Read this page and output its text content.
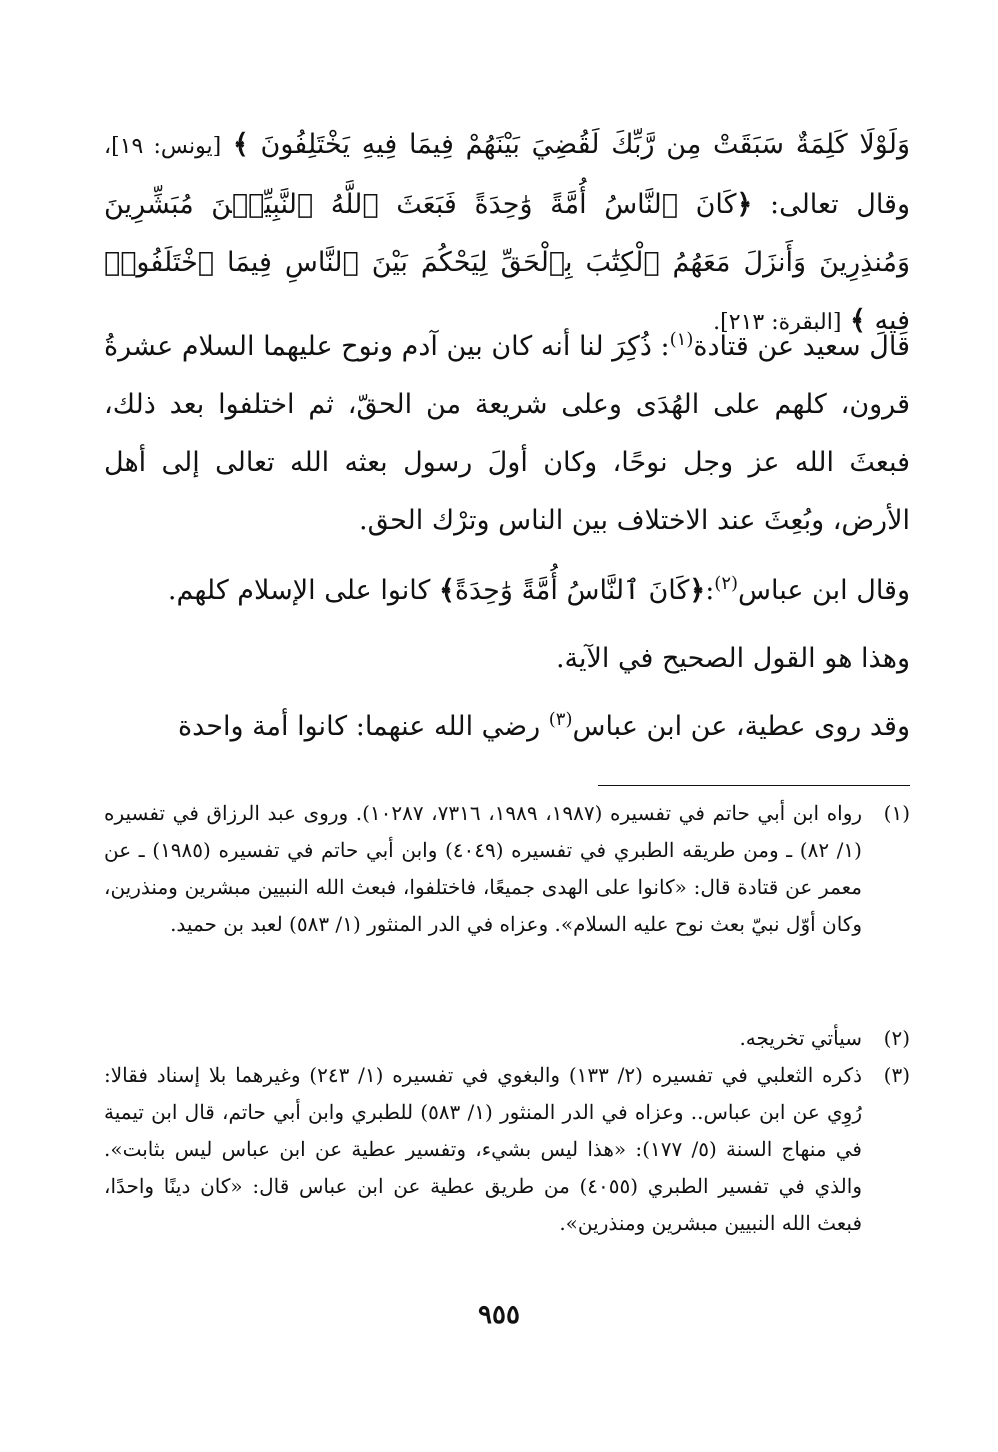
وَلَوْلَا كَلِمَةٌ سَبَقَتْ مِن رَّبِّكَ لَقُضِيَ بَيْنَهُمْ فِيمَا فِيهِ يَخْتَلِفُونَ ﴾ [يونس: ١٩]، وقال تعالى: ﴿كَانَ ٱلنَّاسُ أُمَّةً وَٰحِدَةً فَبَعَثَ ٱللَّهُ ٱلنَّبِيِّـۧنَ مُبَشِّرِينَ وَمُنذِرِينَ وَأَنزَلَ مَعَهُمُ ٱلْكِتَٰبَ بِٱلْحَقِّ لِيَحْكُمَ بَيْنَ ٱلنَّاسِ فِيمَا ٱخْتَلَفُوا۟ فِيهِ ﴾ [البقرة: ٢١٣].

قال سعيد عن قتادة$^{(١)}$: ذُكِرَ لنا أنه كان بين آدم ونوح عليهما السلام عشرةُ قرون، كلهم على الهُدَى وعلى شريعة من الحقّ، ثم اختلفوا بعد ذلك، فبعثَ الله عز وجل نوحًا، وكان أولَ رسول بعثه الله تعالى إلى أهل الأرض، وبُعِثَ عند الاختلاف بين الناس وترْك الحق.

وقال ابن عباس$^{(٢)}$:﴿كَانَ ٱلنَّاسُ أُمَّةً وَٰحِدَةً﴾ كانوا على الإسلام كلهم.

وهذا هو القول الصحيح في الآية.

وقد روى عطية، عن ابن عباس$^{(٣)}$ رضي الله عنهما: كانوا أمة واحدة

(١)
رواه ابن أبي حاتم في تفسيره (١٩٨٧، ١٩٨٩، ٧٣١٦، ١٠٢٨٧). وروى عبد الرزاق في تفسيره (١/ ٨٢) ـ ومن طريقه الطبري في تفسيره (٤٠٤٩) وابن أبي حاتم في تفسيره (١٩٨٥) ـ عن معمر عن قتادة قال: «كانوا على الهدى جميعًا، فاختلفوا، فبعث الله النبيين مبشرين ومنذرين، وكان أوّل نبيّ بعث نوح عليه السلام». وعزاه في الدر المنثور (١/ ٥٨٣) لعبد بن حميد.
(٢)
سيأتي تخريجه.
(٣)
ذكره الثعلبي في تفسيره (٢/ ١٣٣) والبغوي في تفسيره (١/ ٢٤٣) وغيرهما بلا إسناد فقالا: رُوِي عن ابن عباس.. وعزاه في الدر المنثور (١/ ٥٨٣) للطبري وابن أبي حاتم، قال ابن تيمية في منهاج السنة (٥/ ١٧٧): «هذا ليس بشيء، وتفسير عطية عن ابن عباس ليس بثابت». والذي في تفسير الطبري (٤٠٥٥) من طريق عطية عن ابن عباس قال: «كان دينًا واحدًا، فبعث الله النبيين مبشرين ومنذرين».
٩٥٥
